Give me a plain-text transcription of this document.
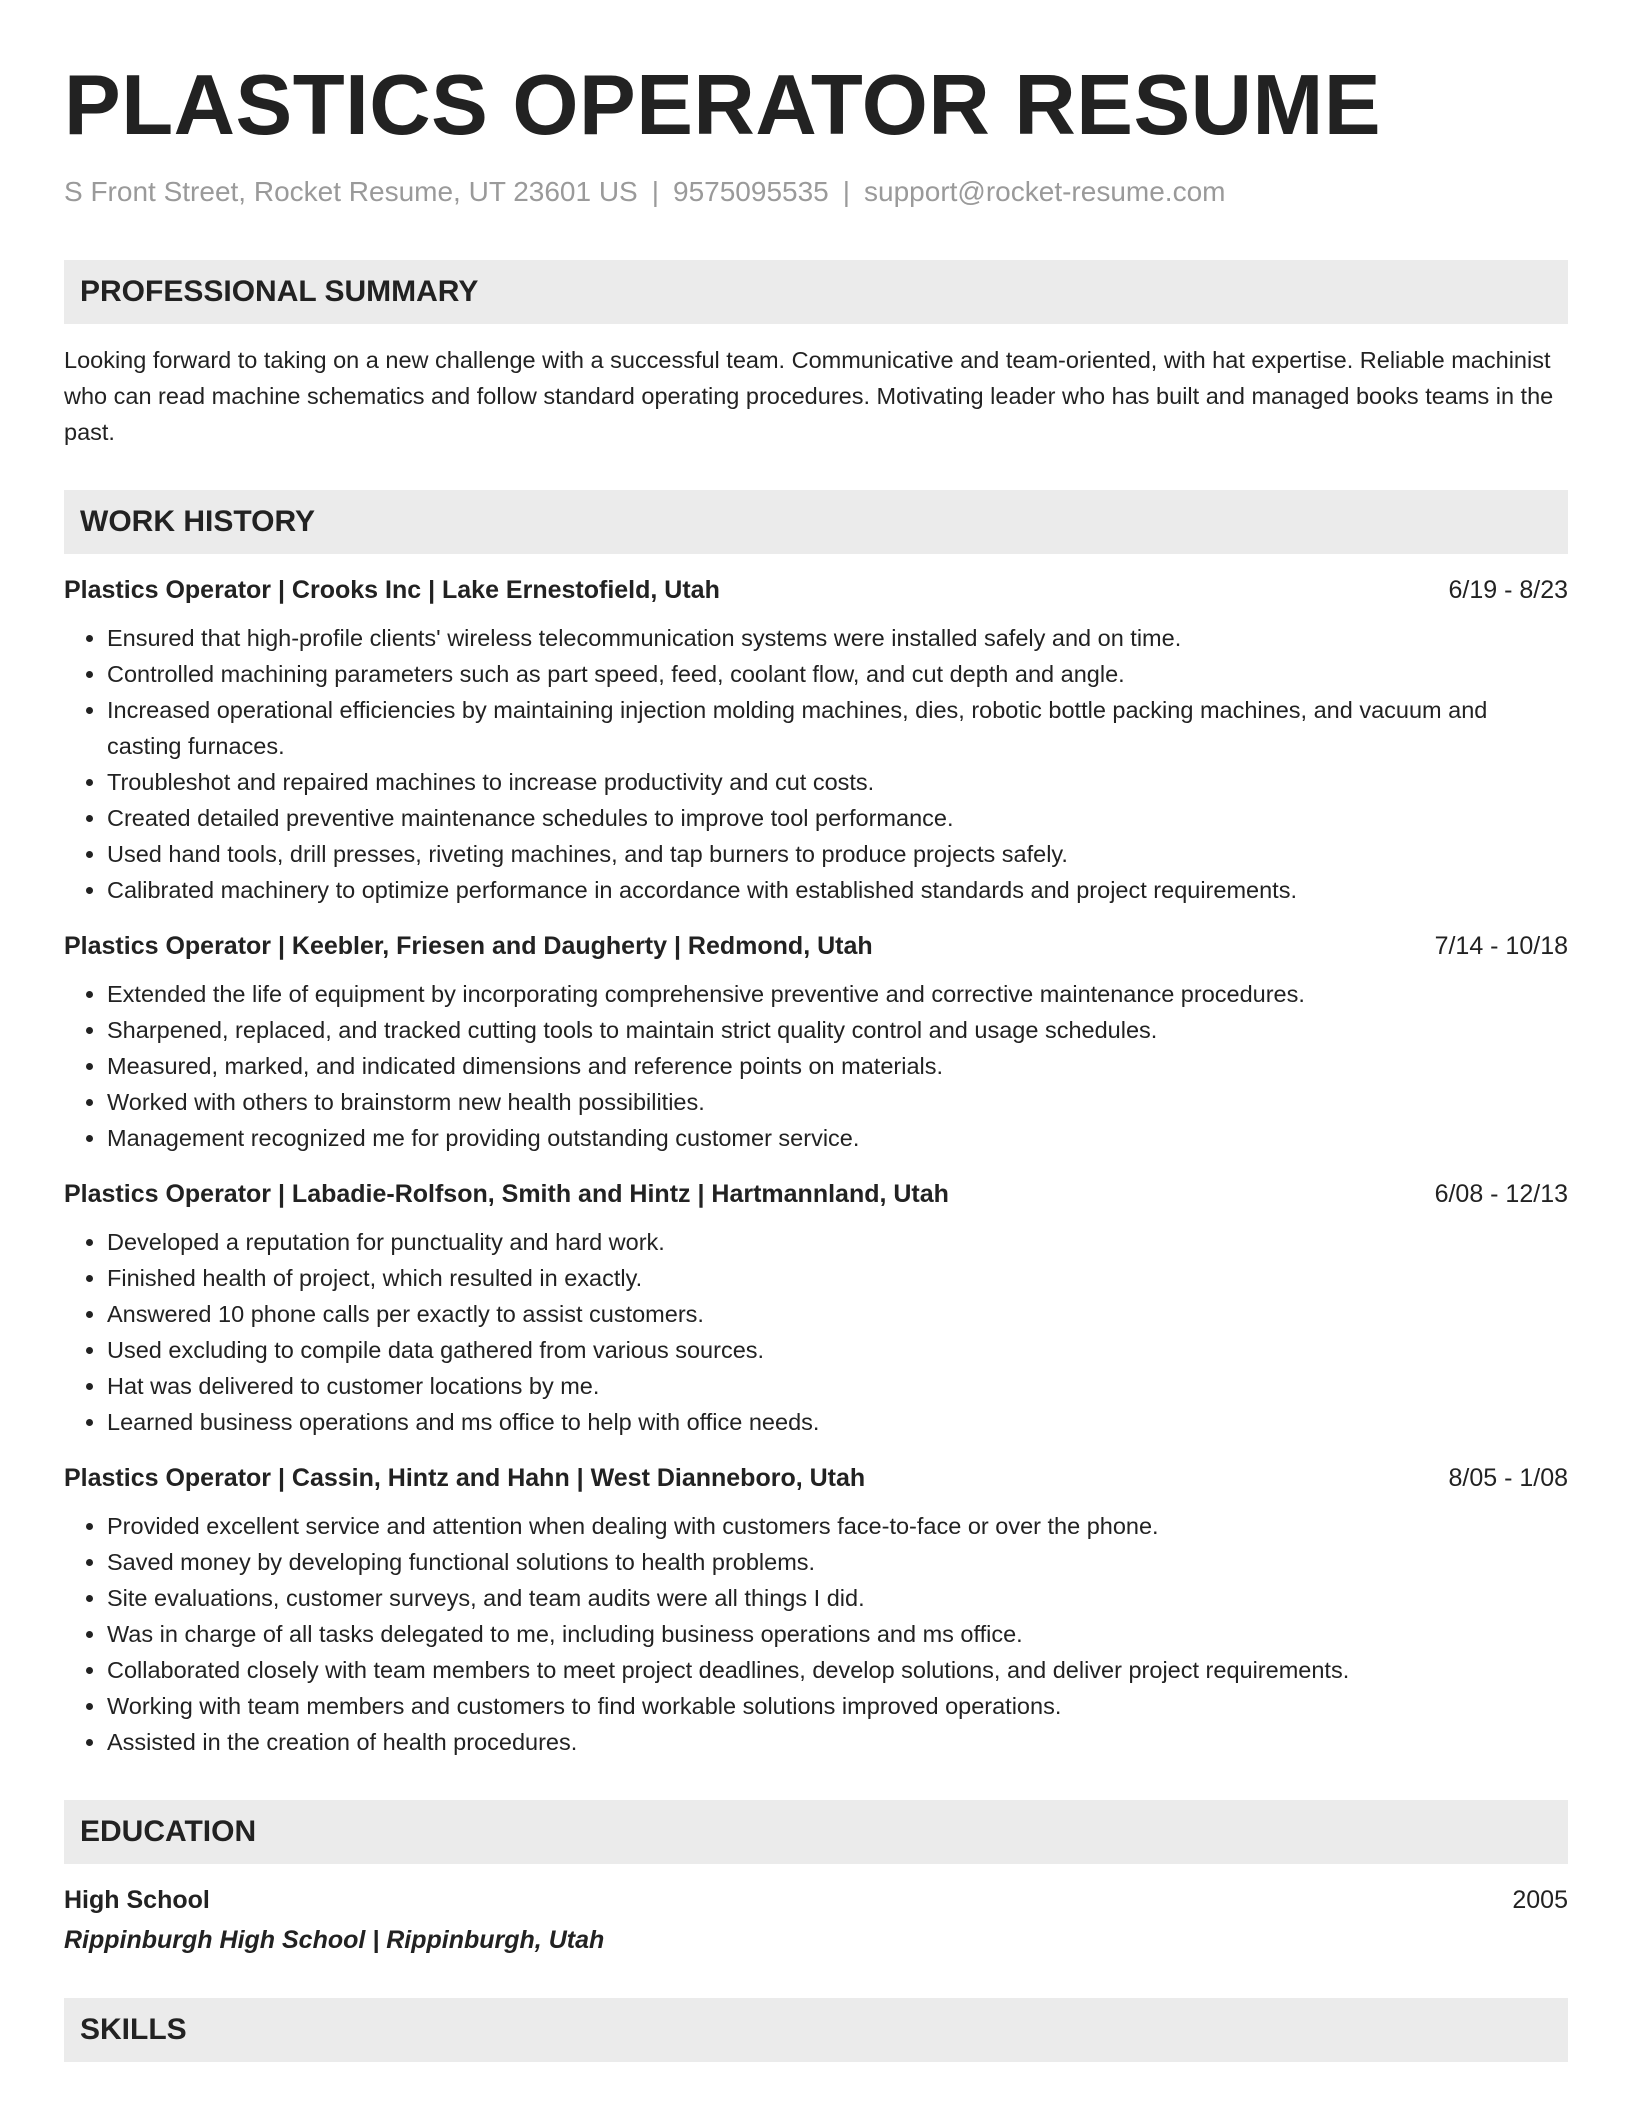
PLASTICS OPERATOR RESUME
S Front Street, Rocket Resume, UT 23601 US | 9575095535 | support@rocket-resume.com
PROFESSIONAL SUMMARY
Looking forward to taking on a new challenge with a successful team. Communicative and team-oriented, with hat expertise. Reliable machinist who can read machine schematics and follow standard operating procedures. Motivating leader who has built and managed books teams in the past.
WORK HISTORY
Plastics Operator | Crooks Inc | Lake Ernestofield, Utah	6/19 - 8/23
• Ensured that high-profile clients' wireless telecommunication systems were installed safely and on time.
• Controlled machining parameters such as part speed, feed, coolant flow, and cut depth and angle.
• Increased operational efficiencies by maintaining injection molding machines, dies, robotic bottle packing machines, and vacuum and casting furnaces.
• Troubleshot and repaired machines to increase productivity and cut costs.
• Created detailed preventive maintenance schedules to improve tool performance.
• Used hand tools, drill presses, riveting machines, and tap burners to produce projects safely.
• Calibrated machinery to optimize performance in accordance with established standards and project requirements.
Plastics Operator | Keebler, Friesen and Daugherty | Redmond, Utah	7/14 - 10/18
• Extended the life of equipment by incorporating comprehensive preventive and corrective maintenance procedures.
• Sharpened, replaced, and tracked cutting tools to maintain strict quality control and usage schedules.
• Measured, marked, and indicated dimensions and reference points on materials.
• Worked with others to brainstorm new health possibilities.
• Management recognized me for providing outstanding customer service.
Plastics Operator | Labadie-Rolfson, Smith and Hintz | Hartmannland, Utah	6/08 - 12/13
• Developed a reputation for punctuality and hard work.
• Finished health of project, which resulted in exactly.
• Answered 10 phone calls per exactly to assist customers.
• Used excluding to compile data gathered from various sources.
• Hat was delivered to customer locations by me.
• Learned business operations and ms office to help with office needs.
Plastics Operator | Cassin, Hintz and Hahn | West Dianneboro, Utah	8/05 - 1/08
• Provided excellent service and attention when dealing with customers face-to-face or over the phone.
• Saved money by developing functional solutions to health problems.
• Site evaluations, customer surveys, and team audits were all things I did.
• Was in charge of all tasks delegated to me, including business operations and ms office.
• Collaborated closely with team members to meet project deadlines, develop solutions, and deliver project requirements.
• Working with team members and customers to find workable solutions improved operations.
• Assisted in the creation of health procedures.
EDUCATION
High School	2005
Rippinburgh High School | Rippinburgh, Utah
SKILLS
